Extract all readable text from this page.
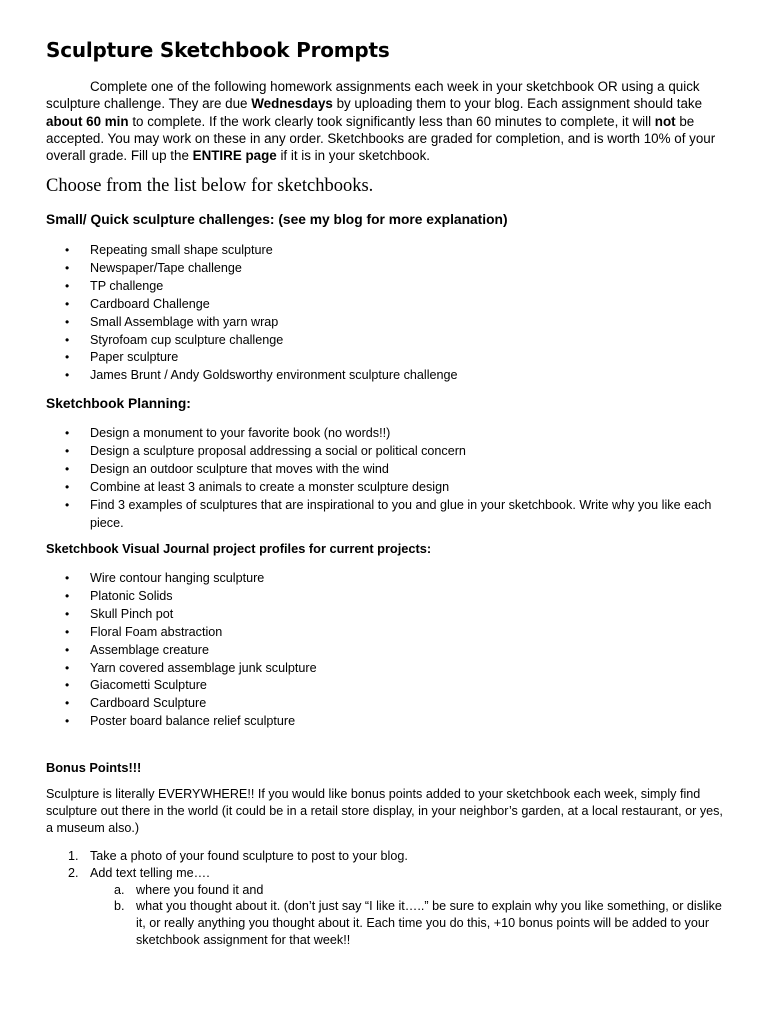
Sculpture Sketchbook Prompts

Complete one of the following homework assignments each week in your sketchbook OR using a quick sculpture challenge. They are due Wednesdays by uploading them to your blog. Each assignment should take about 60 min to complete. If the work clearly took significantly less than 60 minutes to complete, it will not be accepted. You may work on these in any order. Sketchbooks are graded for completion, and is worth 10% of your overall grade. Fill up the ENTIRE page if it is in your sketchbook.

Choose from the list below for sketchbooks.

Small/ Quick sculpture challenges: (see my blog for more explanation)

• Repeating small shape sculpture
• Newspaper/Tape challenge
• TP challenge
• Cardboard Challenge
• Small Assemblage with yarn wrap
• Styrofoam cup sculpture challenge
• Paper sculpture
• James Brunt / Andy Goldsworthy environment sculpture challenge

Sketchbook Planning:

• Design a monument to your favorite book (no words!!)
• Design a sculpture proposal addressing a social or political concern
• Design an outdoor sculpture that moves with the wind
• Combine at least 3 animals to create a monster sculpture design
• Find 3 examples of sculptures that are inspirational to you and glue in your sketchbook. Write why you like each piece.

Sketchbook Visual Journal project profiles for current projects:

• Wire contour hanging sculpture
• Platonic Solids
• Skull Pinch pot
• Floral Foam abstraction
• Assemblage creature
• Yarn covered assemblage junk sculpture
• Giacometti Sculpture
• Cardboard Sculpture
• Poster board balance relief sculpture

Bonus Points!!!

Sculpture is literally EVERYWHERE!! If you would like bonus points added to your sketchbook each week, simply find sculpture out there in the world (it could be in a retail store display, in your neighbor’s garden, at a local restaurant, or yes, a museum also.)

1. Take a photo of your found sculpture to post to your blog.
2. Add text telling me….
a. where you found it and
b. what you thought about it. (don’t just say “I like it…..” be sure to explain why you like something, or dislike it, or really anything you thought about it. Each time you do this, +10 bonus points will be added to your sketchbook assignment for that week!!
